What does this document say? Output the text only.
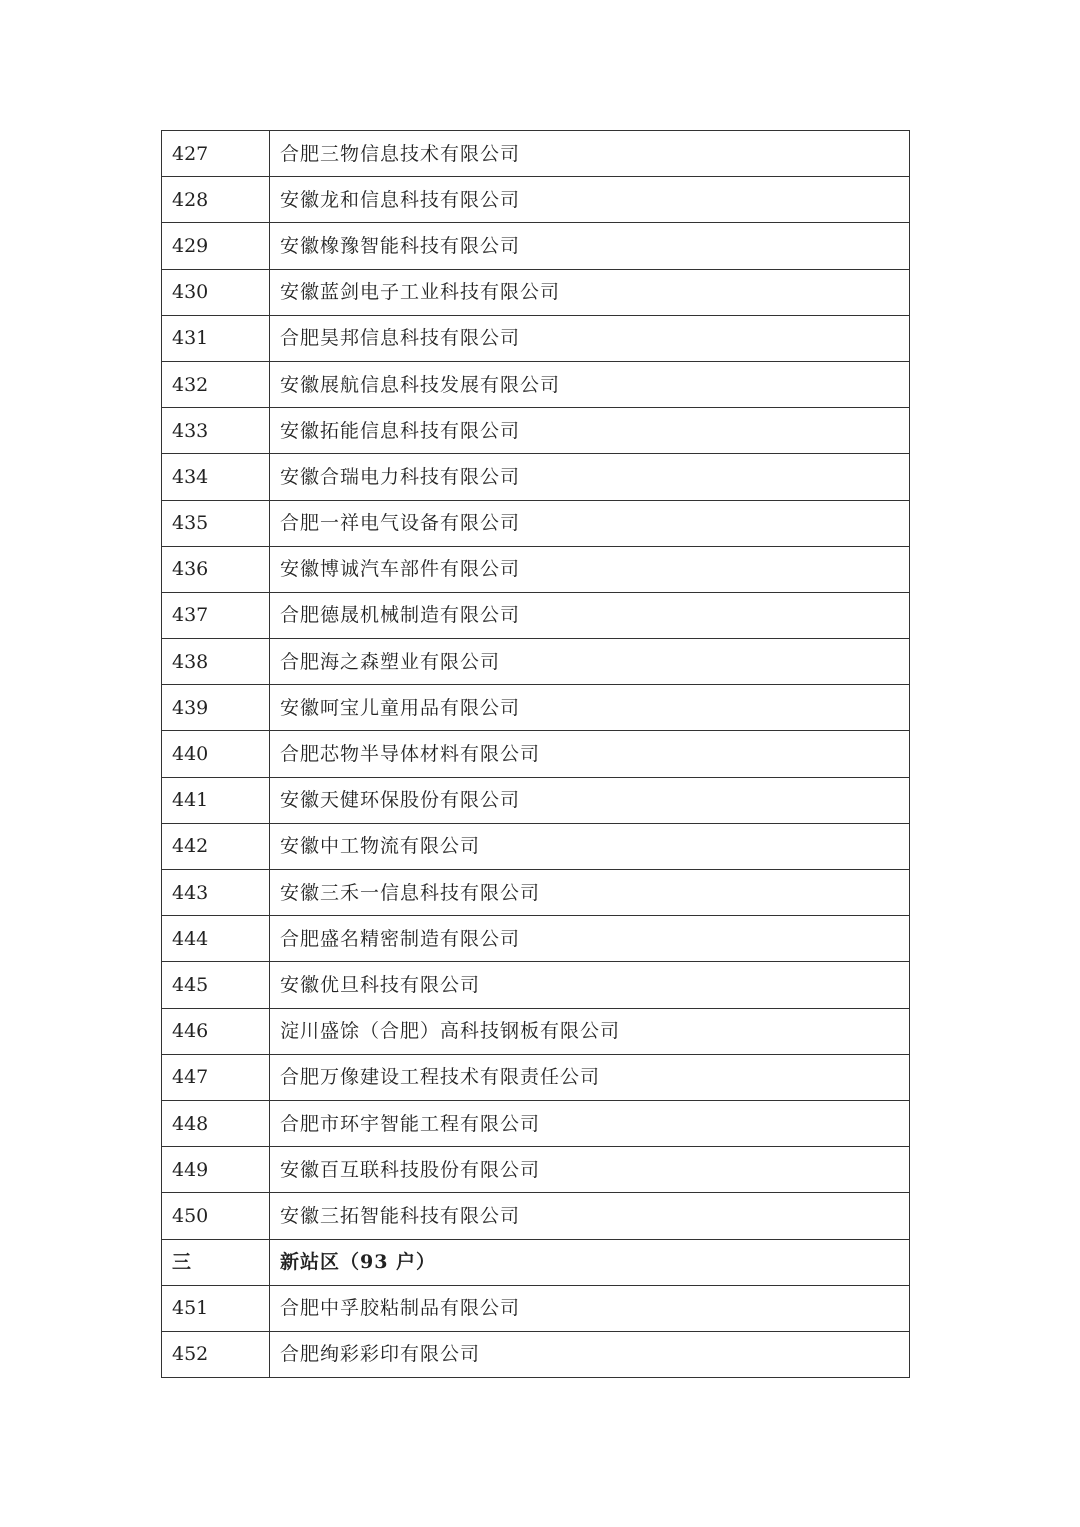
427	合肥三物信息技术有限公司
428	安徽龙和信息科技有限公司
429	安徽橡豫智能科技有限公司
430	安徽蓝剑电子工业科技有限公司
431	合肥昊邦信息科技有限公司
432	安徽展航信息科技发展有限公司
433	安徽拓能信息科技有限公司
434	安徽合瑞电力科技有限公司
435	合肥一祥电气设备有限公司
436	安徽博诚汽车部件有限公司
437	合肥德晟机械制造有限公司
438	合肥海之森塑业有限公司
439	安徽呵宝儿童用品有限公司
440	合肥芯物半导体材料有限公司
441	安徽天健环保股份有限公司
442	安徽中工物流有限公司
443	安徽三禾一信息科技有限公司
444	合肥盛名精密制造有限公司
445	安徽优旦科技有限公司
446	淀川盛馀（合肥）高科技钢板有限公司
447	合肥万像建设工程技术有限责任公司
448	合肥市环宇智能工程有限公司
449	安徽百互联科技股份有限公司
450	安徽三拓智能科技有限公司
三	新站区（93 户）
451	合肥中孚胶粘制品有限公司
452	合肥绚彩彩印有限公司
